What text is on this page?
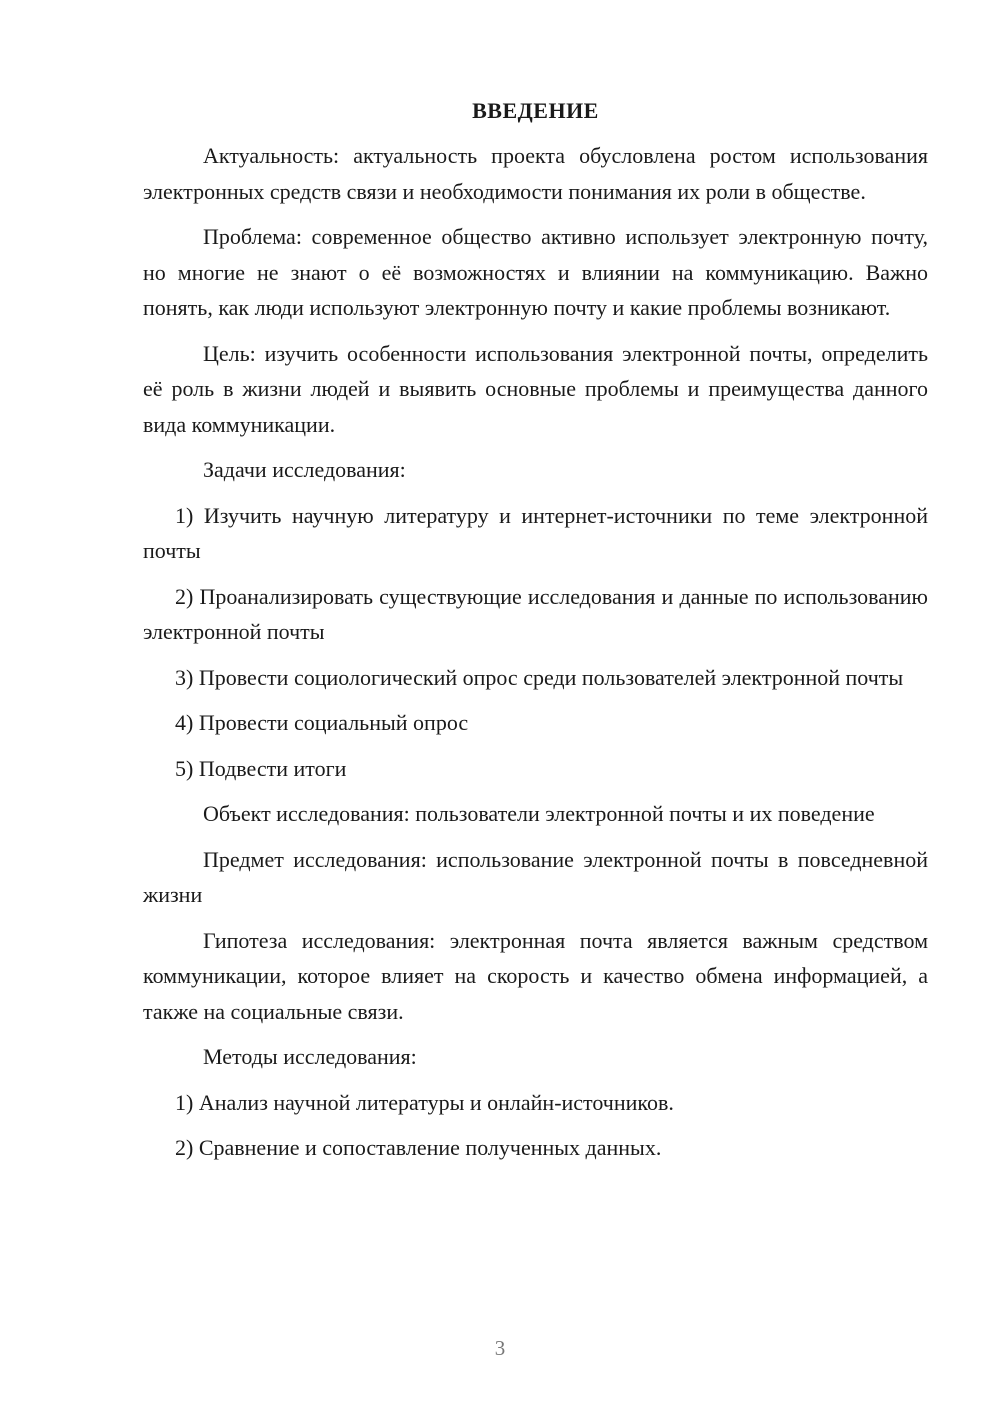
ВВЕДЕНИЕ

Актуальность: актуальность проекта обусловлена ростом использования электронных средств связи и необходимости понимания их роли в обществе.

Проблема: современное общество активно использует электронную почту, но многие не знают о её возможностях и влиянии на коммуникацию. Важно понять, как люди используют электронную почту и какие проблемы возникают.

Цель: изучить особенности использования электронной почты, определить её роль в жизни людей и выявить основные проблемы и преимущества данного вида коммуникации.

Задачи исследования:

1) Изучить научную литературу и интернет-источники по теме электронной почты

2) Проанализировать существующие исследования и данные по использованию электронной почты

3) Провести социологический опрос среди пользователей электронной почты

4) Провести социальный опрос

5) Подвести итоги

Объект исследования: пользователи электронной почты и их поведение

Предмет исследования: использование электронной почты в повседневной жизни

Гипотеза исследования: электронная почта является важным средством коммуникации, которое влияет на скорость и качество обмена информацией, а также на социальные связи.

Методы исследования:

1) Анализ научной литературы и онлайн-источников.

2) Сравнение и сопоставление полученных данных.

3
